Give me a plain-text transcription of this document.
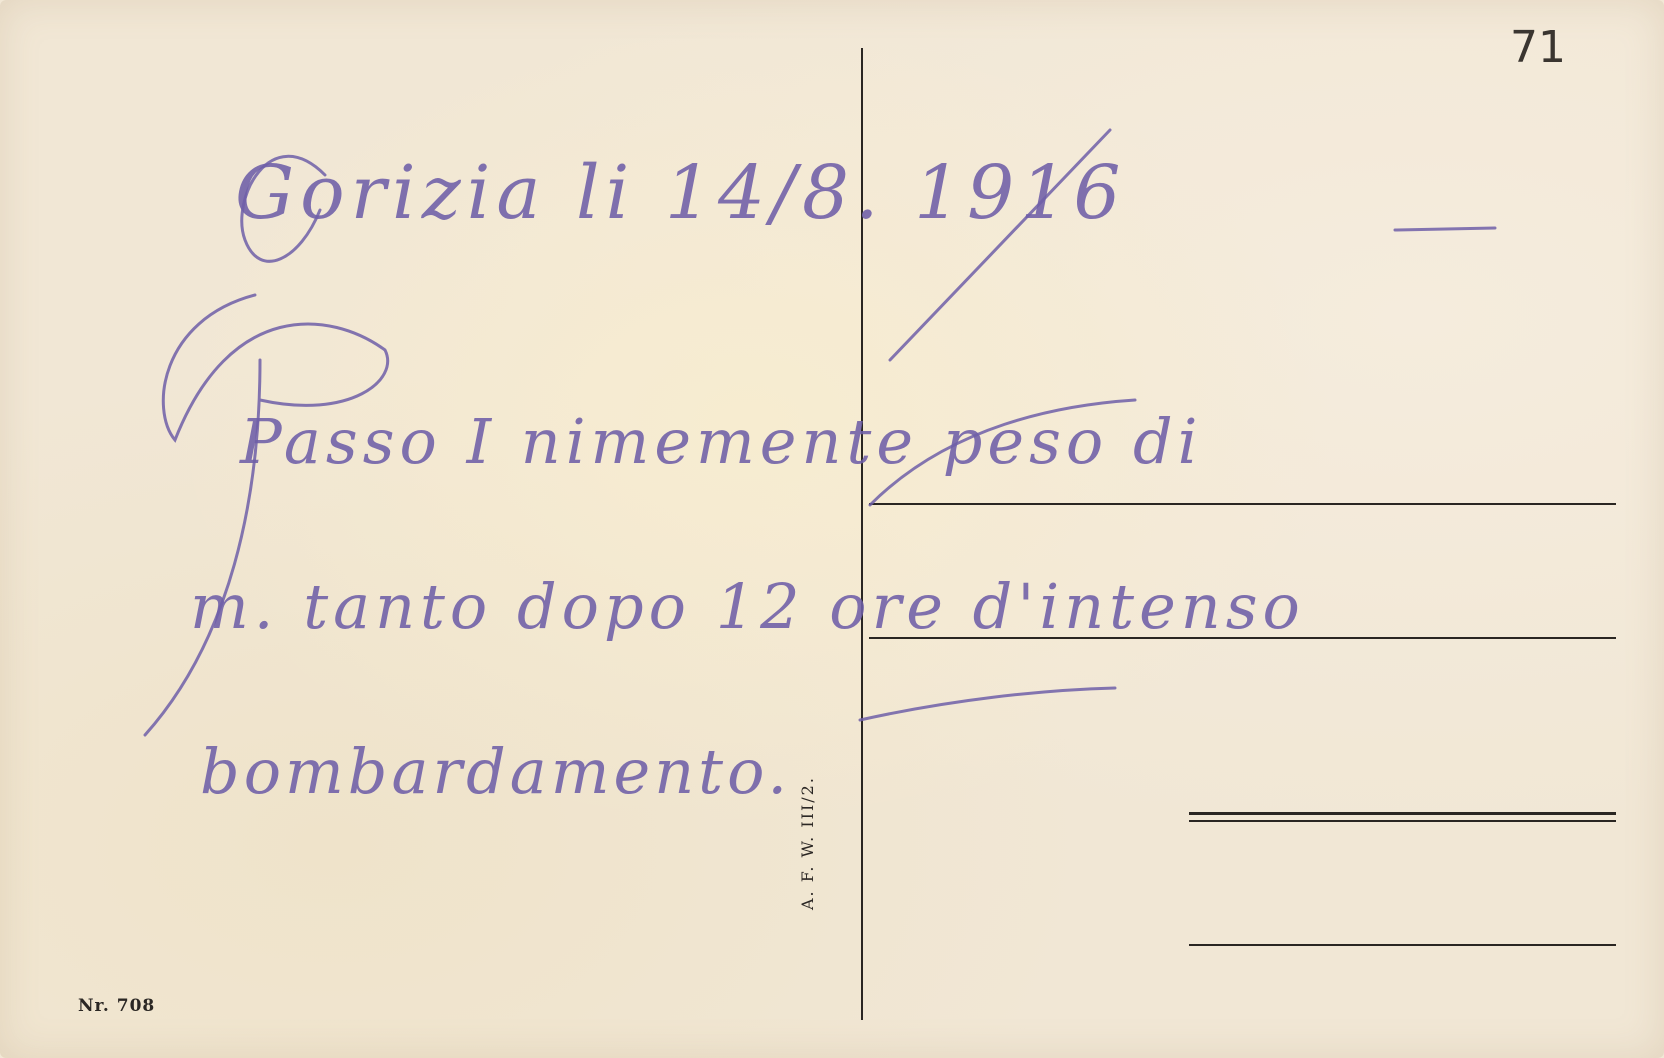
Nr. 708
A. F. W. III/2.
71
Gorizia li 14/8. 1916
Passo I nimemente peso di
m. tanto dopo 12 ore d'intenso
bombardamento.
